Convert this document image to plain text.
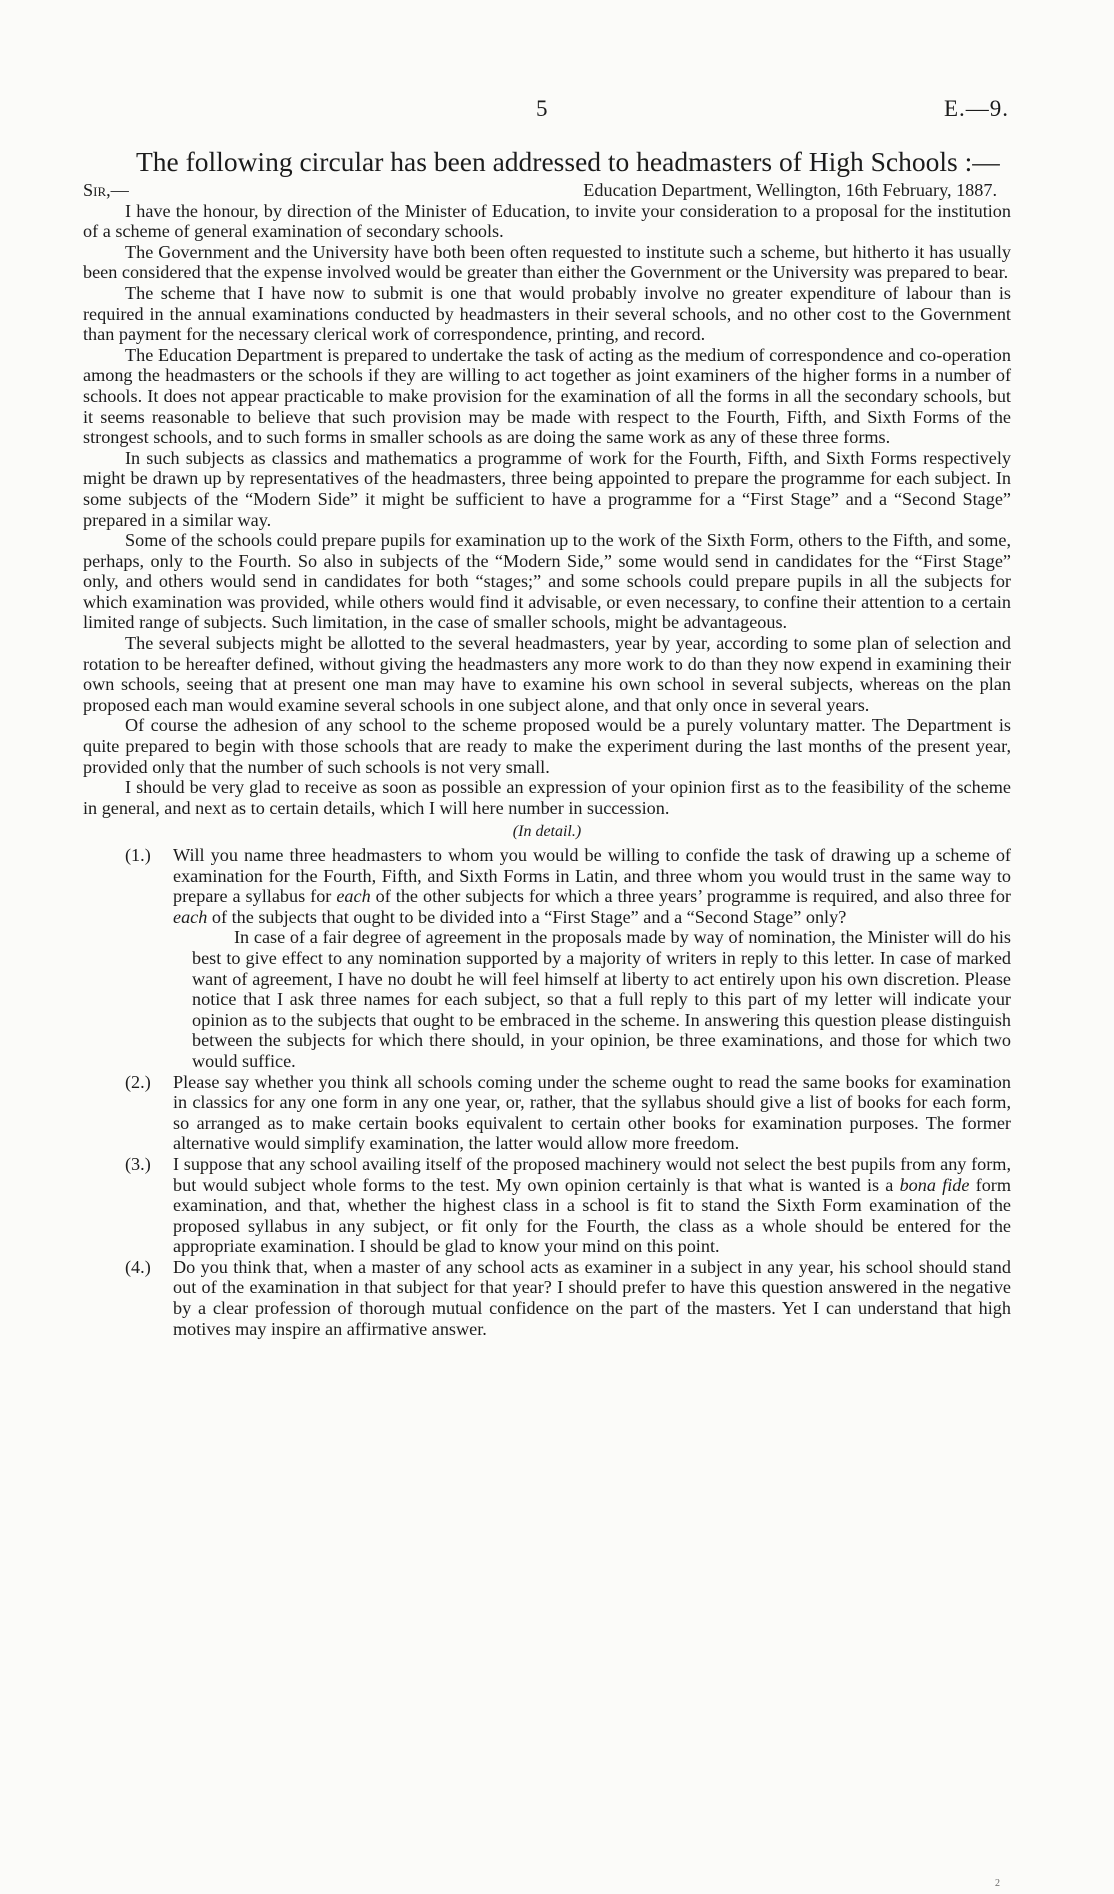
5	E.—9.

The following circular has been addressed to headmasters of High Schools :—

Sir,—	Education Department, Wellington, 16th February, 1887.

I have the honour, by direction of the Minister of Education, to invite your consideration to a proposal for the institution of a scheme of general examination of secondary schools.

The Government and the University have both been often requested to institute such a scheme, but hitherto it has usually been considered that the expense involved would be greater than either the Government or the University was prepared to bear.

The scheme that I have now to submit is one that would probably involve no greater expenditure of labour than is required in the annual examinations conducted by headmasters in their several schools, and no other cost to the Government than payment for the necessary clerical work of correspondence, printing, and record.

The Education Department is prepared to undertake the task of acting as the medium of correspondence and co-operation among the headmasters or the schools if they are willing to act together as joint examiners of the higher forms in a number of schools. It does not appear practicable to make provision for the examination of all the forms in all the secondary schools, but it seems reasonable to believe that such provision may be made with respect to the Fourth, Fifth, and Sixth Forms of the strongest schools, and to such forms in smaller schools as are doing the same work as any of these three forms.

In such subjects as classics and mathematics a programme of work for the Fourth, Fifth, and Sixth Forms respectively might be drawn up by representatives of the headmasters, three being appointed to prepare the programme for each subject. In some subjects of the “Modern Side” it might be sufficient to have a programme for a “First Stage” and a “Second Stage” prepared in a similar way.

Some of the schools could prepare pupils for examination up to the work of the Sixth Form, others to the Fifth, and some, perhaps, only to the Fourth. So also in subjects of the “Modern Side,” some would send in candidates for the “First Stage” only, and others would send in candidates for both “stages;” and some schools could prepare pupils in all the subjects for which examination was provided, while others would find it advisable, or even necessary, to confine their attention to a certain limited range of subjects. Such limitation, in the case of smaller schools, might be advantageous.

The several subjects might be allotted to the several headmasters, year by year, according to some plan of selection and rotation to be hereafter defined, without giving the headmasters any more work to do than they now expend in examining their own schools, seeing that at present one man may have to examine his own school in several subjects, whereas on the plan proposed each man would examine several schools in one subject alone, and that only once in several years.

Of course the adhesion of any school to the scheme proposed would be a purely voluntary matter. The Department is quite prepared to begin with those schools that are ready to make the experiment during the last months of the present year, provided only that the number of such schools is not very small.

I should be very glad to receive as soon as possible an expression of your opinion first as to the feasibility of the scheme in general, and next as to certain details, which I will here number in succession.

(In detail.)

(1.)	Will you name three headmasters to whom you would be willing to confide the task of drawing up a scheme of examination for the Fourth, Fifth, and Sixth Forms in Latin, and three whom you would trust in the same way to prepare a syllabus for each of the other subjects for which a three years’ programme is required, and also three for each of the subjects that ought to be divided into a “First Stage” and a “Second Stage” only?

In case of a fair degree of agreement in the proposals made by way of nomination, the Minister will do his best to give effect to any nomination supported by a majority of writers in reply to this letter. In case of marked want of agreement, I have no doubt he will feel himself at liberty to act entirely upon his own discretion. Please notice that I ask three names for each subject, so that a full reply to this part of my letter will indicate your opinion as to the subjects that ought to be embraced in the scheme. In answering this question please distinguish between the subjects for which there should, in your opinion, be three examinations, and those for which two would suffice.

(2.)	Please say whether you think all schools coming under the scheme ought to read the same books for examination in classics for any one form in any one year, or, rather, that the syllabus should give a list of books for each form, so arranged as to make certain books equivalent to certain other books for examination purposes. The former alternative would simplify examination, the latter would allow more freedom.
(3.)	I suppose that any school availing itself of the proposed machinery would not select the best pupils from any form, but would subject whole forms to the test. My own opinion certainly is that what is wanted is a bona fide form examination, and that, whether the highest class in a school is fit to stand the Sixth Form examination of the proposed syllabus in any subject, or fit only for the Fourth, the class as a whole should be entered for the appropriate examination. I should be glad to know your mind on this point.
(4.)	Do you think that, when a master of any school acts as examiner in a subject in any year, his school should stand out of the examination in that subject for that year? I should prefer to have this question answered in the negative by a clear profession of thorough mutual confidence on the part of the masters. Yet I can understand that high motives may inspire an affirmative answer.
2
